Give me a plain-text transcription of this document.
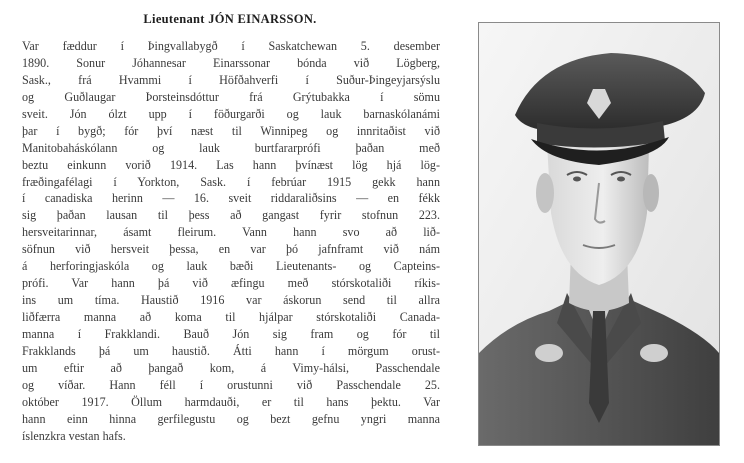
Lieutenant JÓN EINARSSON.
Var fæddur í Þingvallabygð í Saskatchewan 5. desember
1890. Sonur Jóhannesar Einarssonar bónda við Lögberg,
Sask., frá Hvammi í Höfðahverfi í Suður-Þingeyjarsýslu
og Guðlaugar Þorsteinsdóttur frá Grýtubakka í sömu
sveit. Jón ólzt upp í föðurgarði og lauk barnaskólanámi
þar í bygð; fór því næst til Winnipeg og innritaðist við
Manitobaháskólann og lauk burtfararprófi þaðan með
beztu einkunn vorið 1914. Las hann þvínæst lög hjá lög-
fræðingafélagi í Yorkton, Sask. í febrúar 1915 gekk hann
í canadiska herinn — 16. sveit riddaraliðsins — en fékk
sig þaðan lausan til þess að gangast fyrir stofnun 223.
hersveitarinnar, ásamt fleirum. Vann hann svo að lið-
söfnun við hersveit þessa, en var þó jafnframt við nám
á herforingjaskóla og lauk bæði Lieutenants- og Capteins-
prófi. Var hann þá við æfingu með stórskotaliði ríkis-
ins um tíma. Haustið 1916 var áskorun send til allra
liðfærra manna að koma til hjálpar stórskotaliði Canada-
manna í Frakklandi. Bauð Jón sig fram og fór til
Frakklands þá um haustið. Átti hann í mörgum orust-
um eftir að þangað kom, á Vimy-hálsi, Passchendale
og víðar. Hann féll í orustunni við Passchendale 25.
október 1917. Öllum harmdauði, er til hans þektu. Var
hann einn hinna gerfilegustu og bezt gefnu yngri manna
íslenzkra vestan hafs.
